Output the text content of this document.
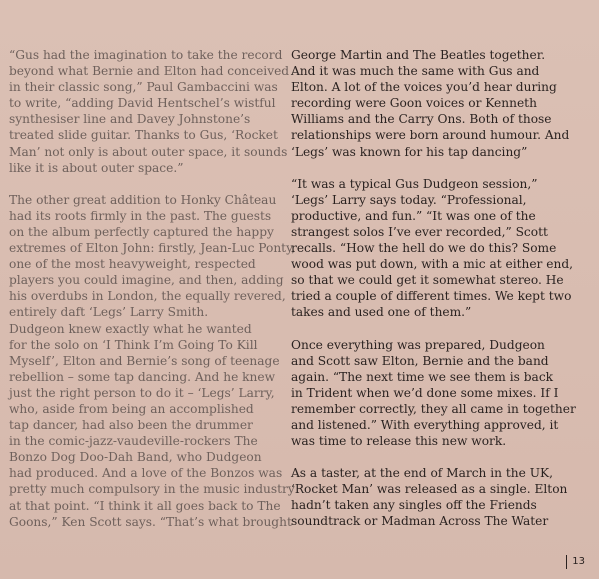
“Gus had the imagination to take the record
beyond what Bernie and Elton had conceived
in their classic song,” Paul Gambaccini was
to write, “adding David Hentschel’s wistful
synthesiser line and Davey Johnstone’s
treated slide guitar. Thanks to Gus, ‘Rocket
Man’ not only is about outer space, it sounds
like it is about outer space.”

The other great addition to Honky Château
had its roots firmly in the past. The guests
on the album perfectly captured the happy
extremes of Elton John: firstly, Jean-Luc Ponty,
one of the most heavyweight, respected
players you could imagine, and then, adding
his overdubs in London, the equally revered,
entirely daft ‘Legs’ Larry Smith.
Dudgeon knew exactly what he wanted
for the solo on ‘I Think I’m Going To Kill
Myself’, Elton and Bernie’s song of teenage
rebellion – some tap dancing. And he knew
just the right person to do it – ‘Legs’ Larry,
who, aside from being an accomplished
tap dancer, had also been the drummer
in the comic-jazz-vaudeville-rockers The
Bonzo Dog Doo-Dah Band, who Dudgeon
had produced. And a love of the Bonzos was
pretty much compulsory in the music industry
at that point. “I think it all goes back to The
Goons,” Ken Scott says. “That’s what brought

George Martin and The Beatles together.
And it was much the same with Gus and
Elton. A lot of the voices you’d hear during
recording were Goon voices or Kenneth
Williams and the Carry Ons. Both of those
relationships were born around humour. And
‘Legs’ was known for his tap dancing”

“It was a typical Gus Dudgeon session,”
‘Legs’ Larry says today. “Professional,
productive, and fun.” “It was one of the
strangest solos I’ve ever recorded,” Scott
recalls. “How the hell do we do this? Some
wood was put down, with a mic at either end,
so that we could get it somewhat stereo. He
tried a couple of different times. We kept two
takes and used one of them.”

Once everything was prepared, Dudgeon
and Scott saw Elton, Bernie and the band
again. “The next time we see them is back
in Trident when we’d done some mixes. If I
remember correctly, they all came in together
and listened.” With everything approved, it
was time to release this new work.

As a taster, at the end of March in the UK,
‘Rocket Man’ was released as a single. Elton
hadn’t taken any singles off the Friends
soundtrack or Madman Across The Water

13
